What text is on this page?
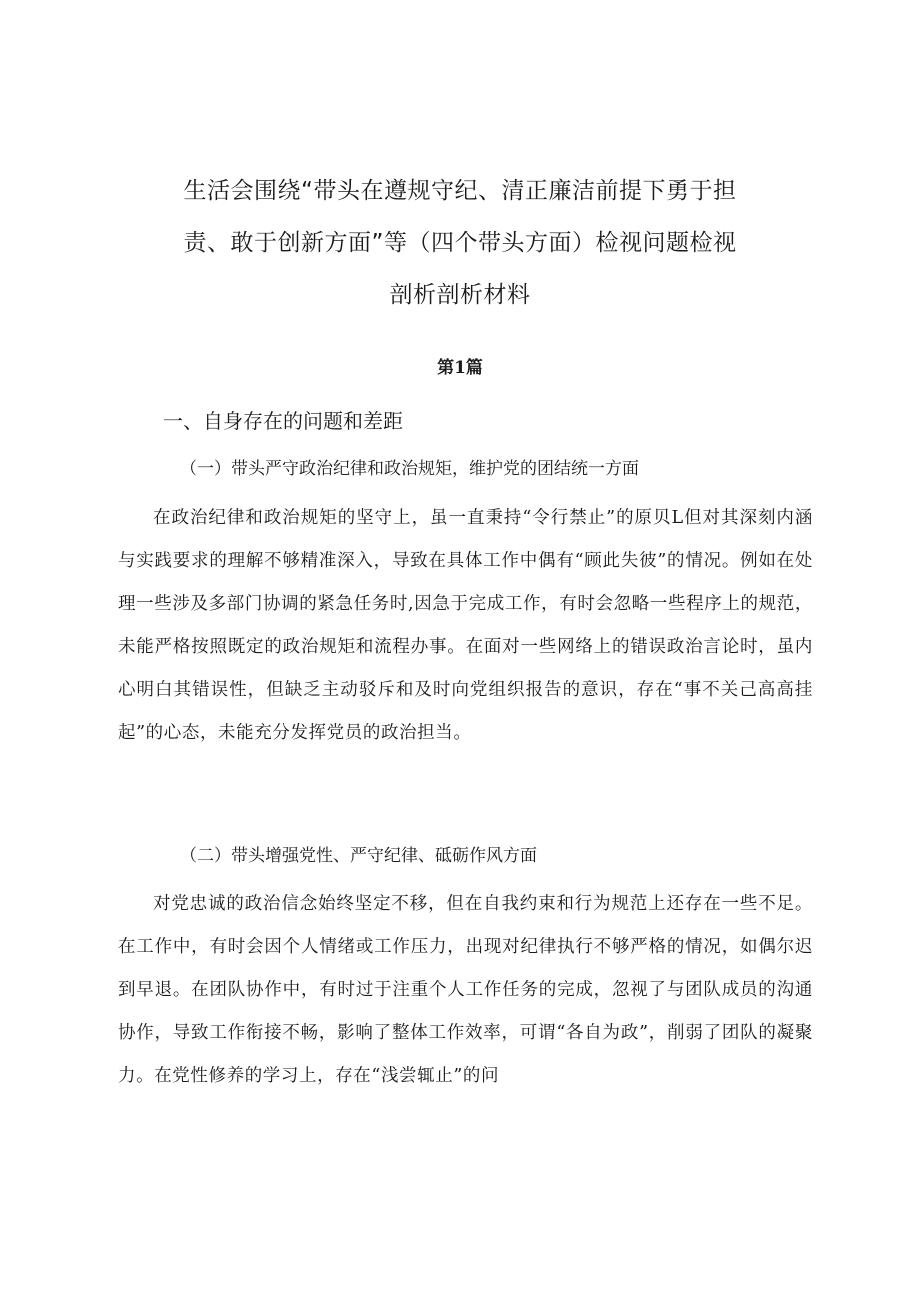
生活会围绕“带头在遵规守纪、清正廉洁前提下勇于担
责、敢于创新方面”等（四个带头方面）检视问题检视
剖析剖析材料
第1篇
一、自身存在的问题和差距
（一）带头严守政治纪律和政治规矩，维护党的团结统一方面

在政治纪律和政治规矩的坚守上，虽一直秉持“令行禁止”的原贝L但对其深刻内涵与实践要求的理解不够精准深入，导致在具体工作中偶有“顾此失彼”的情况。例如在处理一些涉及多部门协调的紧急任务时,因急于完成工作，有时会忽略一些程序上的规范，未能严格按照既定的政治规矩和流程办事。在面对一些网络上的错误政治言论时，虽内心明白其错误性，但缺乏主动驳斥和及时向党组织报告的意识，存在“事不关己高高挂起”的心态，未能充分发挥党员的政治担当。

（二）带头增强党性、严守纪律、砥砺作风方面

对党忠诚的政治信念始终坚定不移，但在自我约束和行为规范上还存在一些不足。在工作中，有时会因个人情绪或工作压力，出现对纪律执行不够严格的情况，如偶尔迟到早退。在团队协作中，有时过于注重个人工作任务的完成，忽视了与团队成员的沟通协作，导致工作衔接不畅，影响了整体工作效率，可谓“各自为政”，削弱了团队的凝聚力。在党性修养的学习上，存在“浅尝辄止”的问
